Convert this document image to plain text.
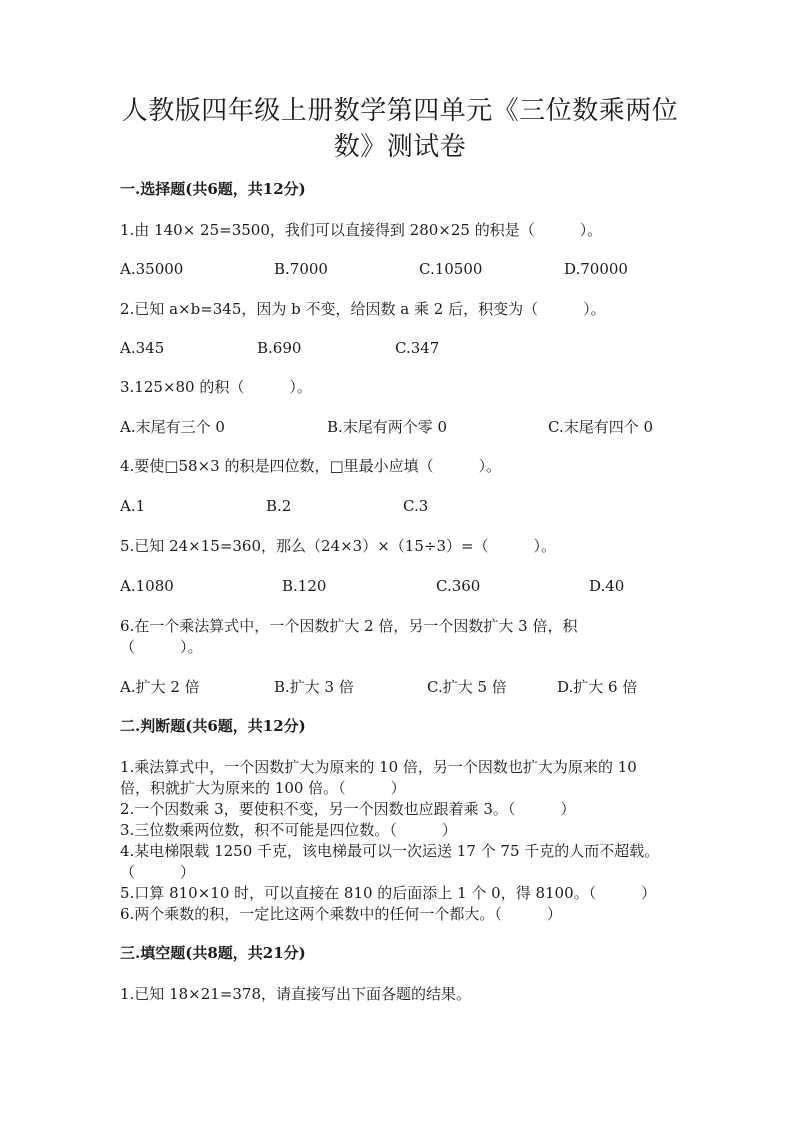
人教版四年级上册数学第四单元《三位数乘两位
数》测试卷
一.选择题(共6题，共12分)
1.由 140× 25=3500，我们可以直接得到 280×25 的积是（　　　）。
A.35000	B.7000	C.10500	D.70000
2.已知 a×b=345，因为 b 不变，给因数 a 乘 2 后，积变为（　　　）。
A.345	B.690	C.347
3.125×80 的积（　　　）。
A.末尾有三个 0	B.末尾有两个零 0	C.末尾有四个 0
4.要使□58×3 的积是四位数，□里最小应填（　　　）。
A.1	B.2	C.3
5.已知 24×15=360，那么（24×3）×（15÷3）=（　　　）。
A.1080	B.120	C.360	D.40
6.在一个乘法算式中，一个因数扩大 2 倍，另一个因数扩大 3 倍，积
（　　　）。
A.扩大 2 倍	B.扩大 3 倍	C.扩大 5 倍	D.扩大 6 倍
二.判断题(共6题，共12分)
1.乘法算式中，一个因数扩大为原来的 10 倍，另一个因数也扩大为原来的 10
倍，积就扩大为原来的 100 倍。（　　　）
2.一个因数乘 3，要使积不变，另一个因数也应跟着乘 3。（　　　）
3.三位数乘两位数，积不可能是四位数。（　　　）
4.某电梯限载 1250 千克，该电梯最可以一次运送 17 个 75 千克的人而不超载。
（　　　）
5.口算 810×10 时，可以直接在 810 的后面添上 1 个 0，得 8100。（　　　）
6.两个乘数的积，一定比这两个乘数中的任何一个都大。（　　　）
三.填空题(共8题，共21分)
1.已知 18×21=378，请直接写出下面各题的结果。
